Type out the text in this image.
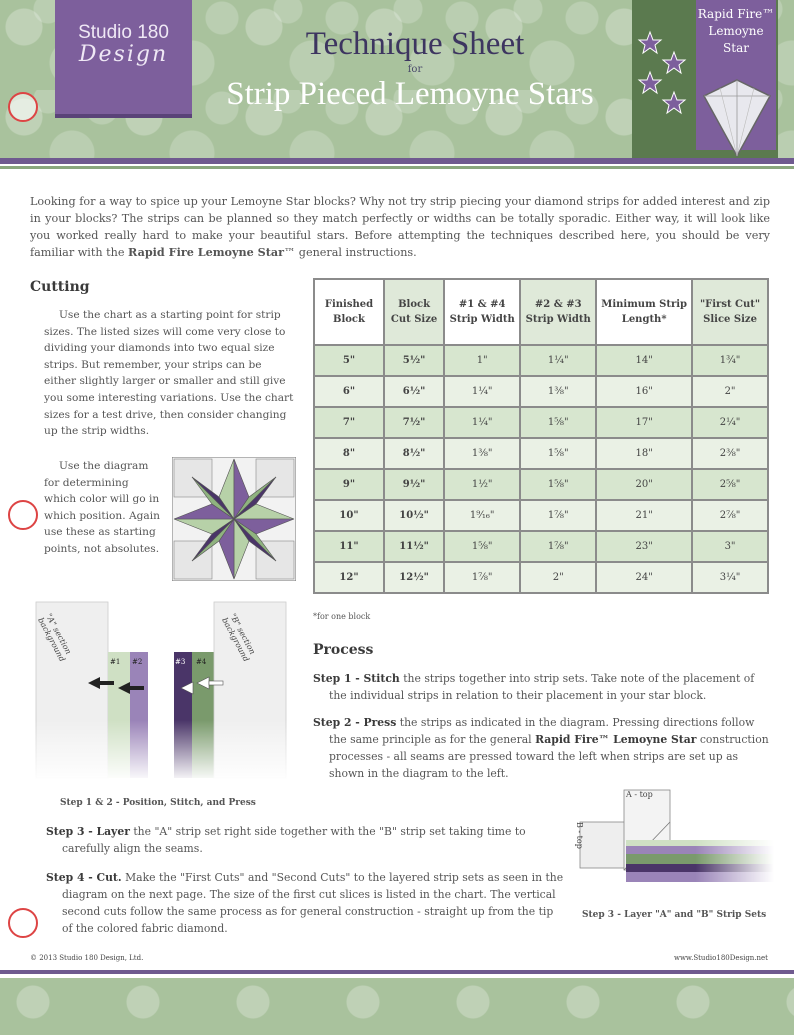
Studio 180
Design	Technique Sheet
for
Strip Pieced Lemoyne Stars
Rapid Fire™
Lemoyne
Star
Looking for a way to spice up your Lemoyne Star blocks? Why not try strip piecing your diamond strips for added interest and zip in your blocks? The strips can be planned so they match perfectly or widths can be totally sporadic. Either way, it will look like you worked really hard to make your beautiful stars. Before attempting the techniques described here, you should be very familiar with the Rapid Fire Lemoyne Star™ general instructions.
Cutting
Use the chart as a starting point for strip sizes. The listed sizes will come very close to dividing your diamonds into two equal size strips. But remember, your strips can be either slightly larger or smaller and still give you some interesting variations. Use the chart sizes for a test drive, then consider changing up the strip widths.
Use the diagram for determining which color will go in which position. Again use these as starting points, not absolutes.
Finished Block	Block Cut Size	#1 & #4 Strip Width	#2 & #3 Strip Width	Minimum Strip Length*	"First Cut" Slice Size
5"	5½"	1"	1¼"	14"	1¾"
6"	6½"	1¼"	1⅜"	16"	2"
7"	7½"	1¼"	1⅝"	17"	2¼"
8"	8½"	1⅜"	1⅝"	18"	2⅜"
9"	9½"	1½"	1⅝"	20"	2⅝"
10"	10½"	1⁹⁄₁₆"	1⅞"	21"	2⅞"
11"	11½"	1⅝"	1⅞"	23"	3"
12"	12½"	1⅞"	2"	24"	3¼"
*for one block
"A" section background	"B" section background
#1 #2	#3 #4
Step 1 & 2 - Position, Stitch, and Press
Process
Step 1 - Stitch the strips together into strip sets. Take note of the placement of the individual strips in relation to their placement in your star block.
Step 2 - Press the strips as indicated in the diagram. Pressing directions follow the same principle as for the general Rapid Fire™ Lemoyne Star construction processes - all seams are pressed toward the left when strips are set up as shown in the diagram to the left.
Step 3 - Layer the "A" strip set right side together with the "B" strip set taking time to carefully align the seams.
Step 4 - Cut. Make the "First Cuts" and "Second Cuts" to the layered strip sets as seen in the diagram on the next page. The size of the first cut slices is listed in the chart. The vertical second cuts follow the same process as for general construction - straight up from the tip of the colored fabric diamond.
A - top
B - top
Step 3 - Layer "A" and "B" Strip Sets
© 2013 Studio 180 Design, Ltd.	www.Studio180Design.net
